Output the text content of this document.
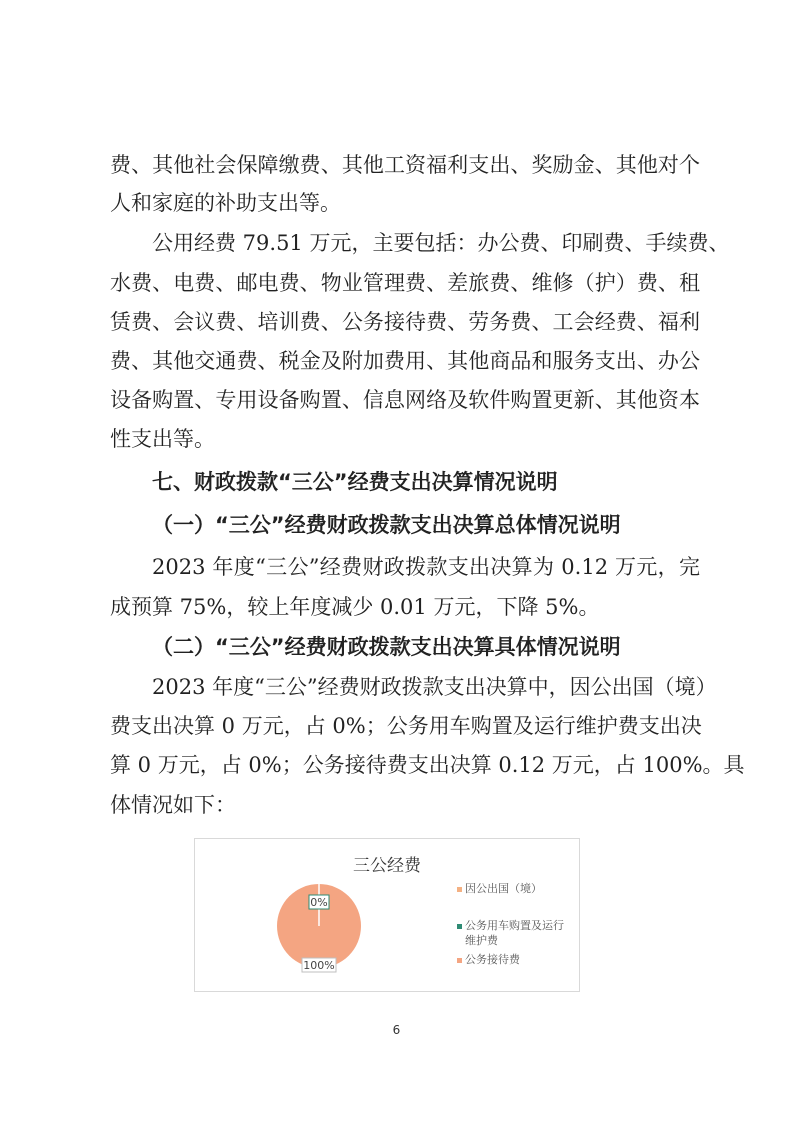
费、其他社会保障缴费、其他工资福利支出、奖励金、其他对个
人和家庭的补助支出等。
公用经费 79.51 万元，主要包括：办公费、印刷费、手续费、
水费、电费、邮电费、物业管理费、差旅费、维修（护）费、租
赁费、会议费、培训费、公务接待费、劳务费、工会经费、福利
费、其他交通费、税金及附加费用、其他商品和服务支出、办公
设备购置、专用设备购置、信息网络及软件购置更新、其他资本
性支出等。
七、财政拨款“三公”经费支出决算情况说明
（一）“三公”经费财政拨款支出决算总体情况说明
2023 年度“三公”经费财政拨款支出决算为 0.12 万元，完
成预算 75%，较上年度减少 0.01 万元，下降 5%。
（二）“三公”经费财政拨款支出决算具体情况说明
2023 年度“三公”经费财政拨款支出决算中，因公出国（境）
费支出决算 0 万元，占 0%；公务用车购置及运行维护费支出决
算 0 万元，占 0%；公务接待费支出决算 0.12 万元，占 100%。具
体情况如下：
三公经费
0%
100%
因公出国（境）
公务用车购置及运行
维护费
公务接待费
6
